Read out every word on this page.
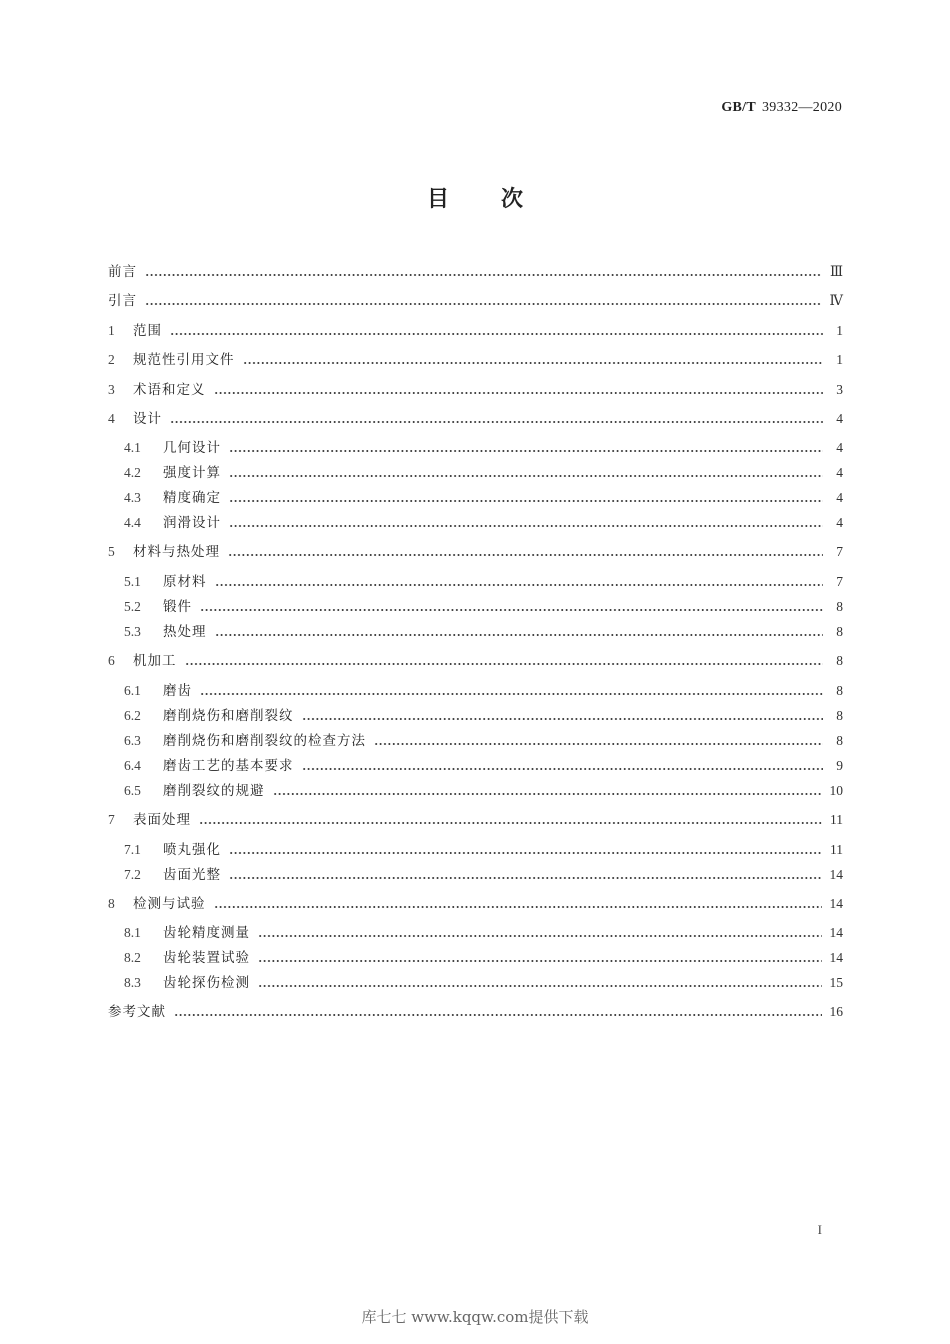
GB/T 39332—2020
目 次
前言	Ⅲ
引言	Ⅳ
1 范围	1
2 规范性引用文件	1
3 术语和定义	3
4 设计	4
4.1 几何设计	4
4.2 强度计算	4
4.3 精度确定	4
4.4 润滑设计	4
5 材料与热处理	7
5.1 原材料	7
5.2 锻件	8
5.3 热处理	8
6 机加工	8
6.1 磨齿	8
6.2 磨削烧伤和磨削裂纹	8
6.3 磨削烧伤和磨削裂纹的检查方法	8
6.4 磨齿工艺的基本要求	9
6.5 磨削裂纹的规避	10
7 表面处理	11
7.1 喷丸强化	11
7.2 齿面光整	14
8 检测与试验	14
8.1 齿轮精度测量	14
8.2 齿轮装置试验	14
8.3 齿轮探伤检测	15
参考文献	16
I
库七七 www.kqqw.com提供下载
